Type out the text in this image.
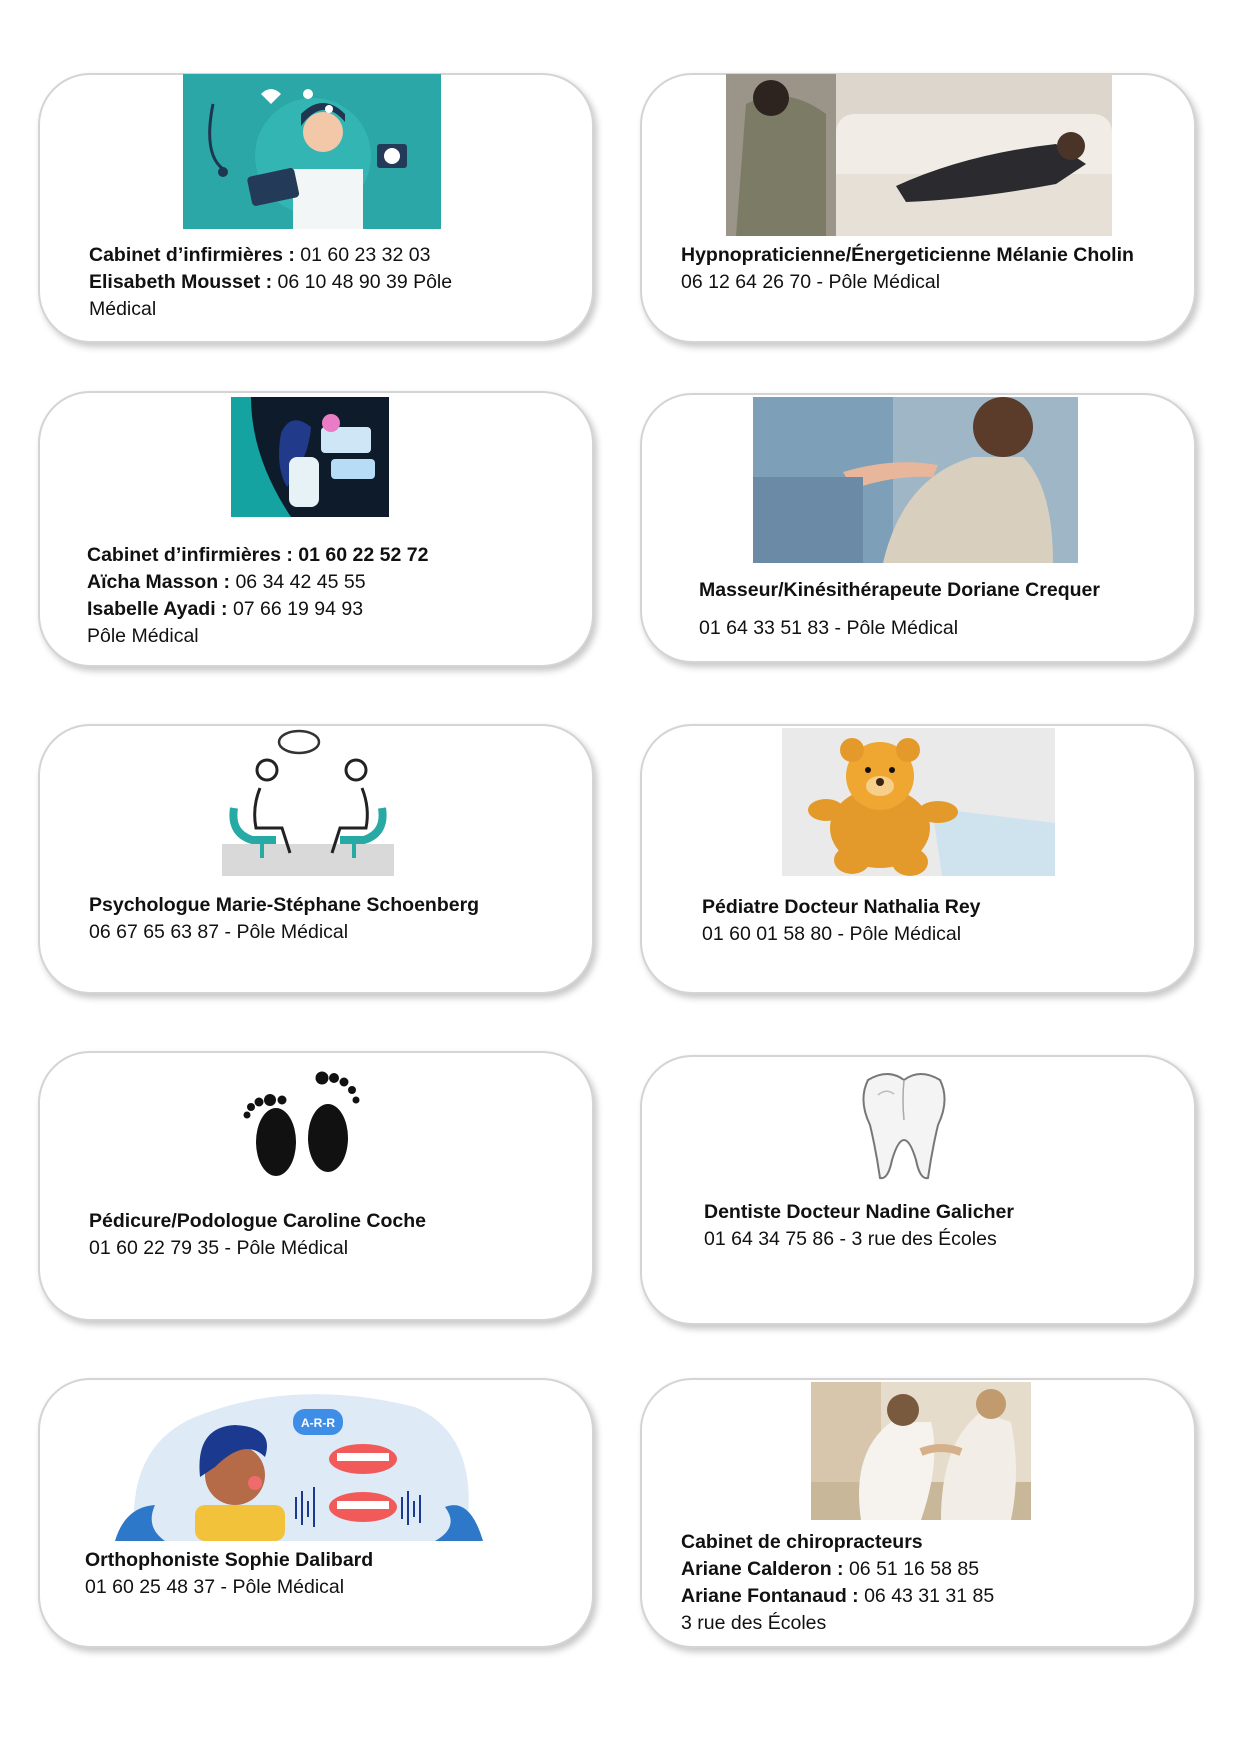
Cabinet d’infirmières : 01 60 23 32 03
Elisabeth Mousset : 06 10 48 90 39 Pôle
Médical
Hypnopraticienne/Énergeticienne Mélanie Cholin
06 12 64 26 70 - Pôle Médical
Cabinet d’infirmières : 01 60 22 52 72
Aïcha Masson : 06 34 42 45 55
Isabelle Ayadi : 07 66 19 94 93
Pôle Médical
Masseur/Kinésithérapeute Doriane Crequer
01 64 33 51 83 - Pôle Médical
Psychologue Marie-Stéphane Schoenberg
06 67 65 63 87 - Pôle Médical
Pédiatre Docteur Nathalia Rey
01 60 01 58 80 - Pôle Médical
Pédicure/Podologue Caroline Coche
01 60 22 79 35 - Pôle Médical
Dentiste Docteur Nadine Galicher
01 64 34 75 86 - 3 rue des Écoles
A-R-R
Orthophoniste Sophie Dalibard
01 60 25 48 37 - Pôle Médical
Cabinet de chiropracteurs
Ariane Calderon : 06 51 16 58 85
Ariane Fontanaud : 06 43 31 31 85
3 rue des Écoles
